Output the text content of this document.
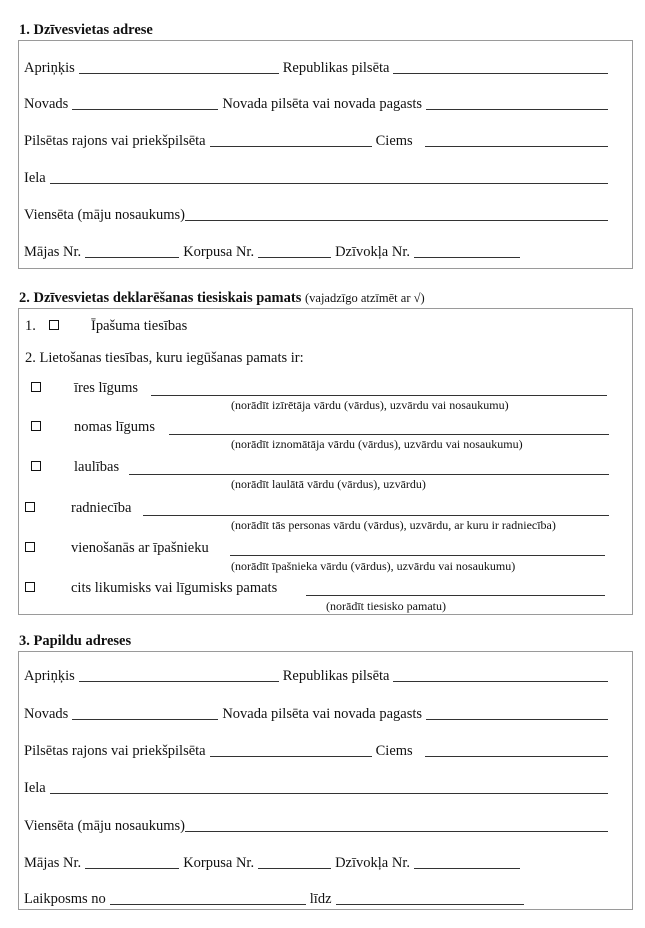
1. Dzīvesvietas adrese
Apriņķis	Republikas pilsēta
Novads	Novada pilsēta vai novada pagasts
Pilsētas rajons vai priekšpilsēta	Ciems
Iela
Viensēta (māju nosaukums)
Mājas Nr.	Korpusa Nr.	Dzīvokļa Nr.
2. Dzīvesvietas deklarēšanas tiesiskais pamats (vajadzīgo atzīmēt ar √)
1.	Īpašuma tiesības
2. Lietošanas tiesības, kuru iegūšanas pamats ir:
īres līgums
(norādīt izīrētāja vārdu (vārdus), uzvārdu vai nosaukumu)
nomas līgums
(norādīt iznomātāja vārdu (vārdus), uzvārdu vai nosaukumu)
laulības
(norādīt laulātā vārdu (vārdus), uzvārdu)
radniecība
(norādīt tās personas vārdu (vārdus), uzvārdu, ar kuru ir radniecība)
vienošanās ar īpašnieku
(norādīt īpašnieka vārdu (vārdus), uzvārdu vai nosaukumu)
cits likumisks vai līgumisks pamats
(norādīt tiesisko pamatu)
3. Papildu adreses
Apriņķis	Republikas pilsēta
Novads	Novada pilsēta vai novada pagasts
Pilsētas rajons vai priekšpilsēta	Ciems
Iela
Viensēta (māju nosaukums)
Mājas Nr.	Korpusa Nr.	Dzīvokļa Nr.
Laikposms no	līdz
